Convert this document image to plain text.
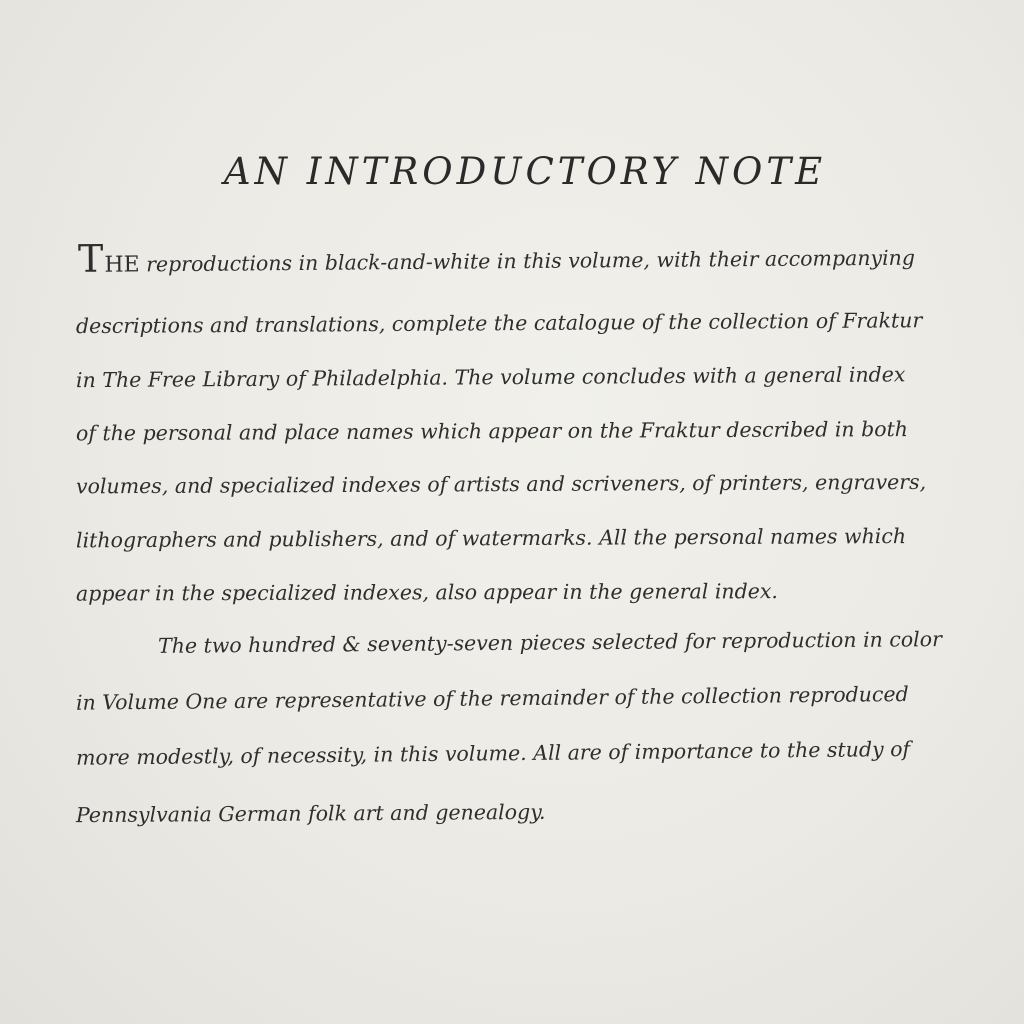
AN INTRODUCTORY NOTE
THE reproductions in black-and-white in this volume, with their accompanying
descriptions and translations, complete the catalogue of the collection of Fraktur
in The Free Library of Philadelphia. The volume concludes with a general index
of the personal and place names which appear on the Fraktur described in both
volumes, and specialized indexes of artists and scriveners, of printers, engravers,
lithographers and publishers, and of watermarks. All the personal names which
appear in the specialized indexes, also appear in the general index.
The two hundred & seventy-seven pieces selected for reproduction in color
in Volume One are representative of the remainder of the collection reproduced
more modestly, of necessity, in this volume. All are of importance to the study of
Pennsylvania German folk art and genealogy.
